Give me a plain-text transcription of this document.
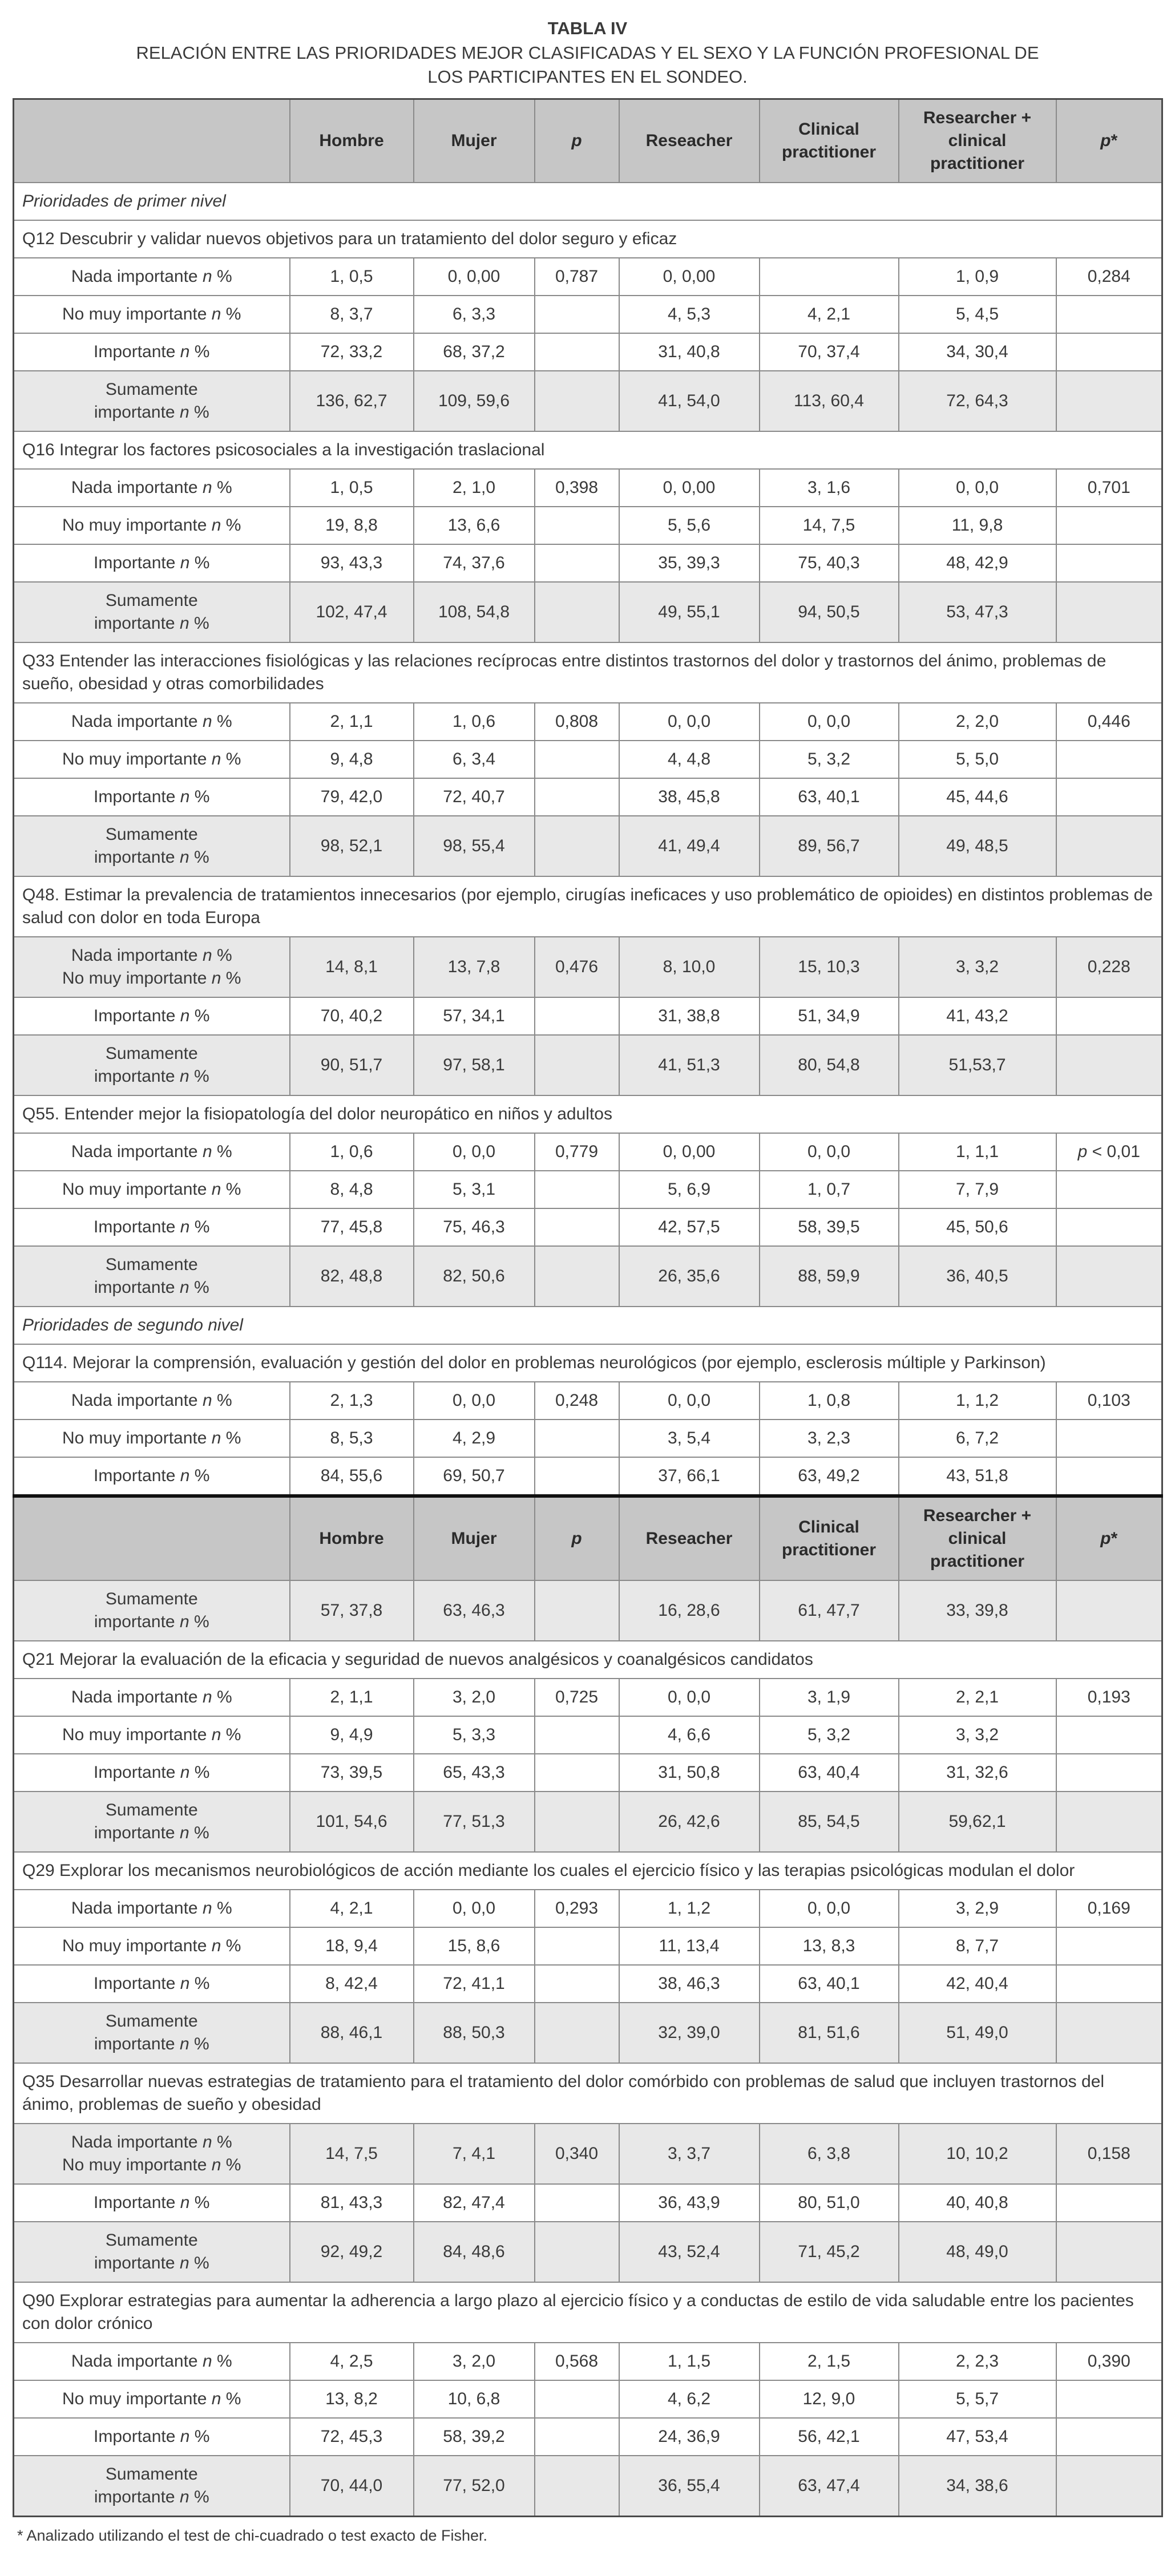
TABLA IV
RELACIÓN ENTRE LAS PRIORIDADES MEJOR CLASIFICADAS Y EL SEXO Y LA FUNCIÓN PROFESIONAL DE LOS PARTICIPANTES EN EL SONDEO.
	Hombre	Mujer	p	Reseacher	Clinical practitioner	Researcher + clinical practitioner	p*
Prioridades de primer nivel							
Q12 Descubrir y validar nuevos objetivos para un tratamiento del dolor seguro y eficaz							
Nada importante n %	1, 0,5	0, 0,00	0,787	0, 0,00		1, 0,9	0,284
No muy importante n %	8, 3,7	6, 3,3		4, 5,3	4, 2,1	5, 4,5	
Importante n %	72, 33,2	68, 37,2		31, 40,8	70, 37,4	34, 30,4	
Sumamente
importante n %	136, 62,7	109, 59,6		41, 54,0	113, 60,4	72, 64,3	
Q16 Integrar los factores psicosociales a la investigación traslacional							
Nada importante n %	1, 0,5	2, 1,0	0,398	0, 0,00	3, 1,6	0, 0,0	0,701
No muy importante n %	19, 8,8	13, 6,6		5, 5,6	14, 7,5	11, 9,8	
Importante n %	93, 43,3	74, 37,6		35, 39,3	75, 40,3	48, 42,9	
Sumamente
importante n %	102, 47,4	108, 54,8		49, 55,1	94, 50,5	53, 47,3	
Q33 Entender las interacciones fisiológicas y las relaciones recíprocas entre distintos trastornos del dolor y trastornos del ánimo, problemas de sueño, obesidad y otras comorbilidades							
Nada importante n %	2, 1,1	1, 0,6	0,808	0, 0,0	0, 0,0	2, 2,0	0,446
No muy importante n %	9, 4,8	6, 3,4		4, 4,8	5, 3,2	5, 5,0	
Importante n %	79, 42,0	72, 40,7		38, 45,8	63, 40,1	45, 44,6	
Sumamente
importante n %	98, 52,1	98, 55,4		41, 49,4	89, 56,7	49, 48,5	
Q48. Estimar la prevalencia de tratamientos innecesarios (por ejemplo, cirugías ineficaces y uso problemático de opioides) en distintos problemas de salud con dolor en toda Europa							
Nada importante n %
No muy importante n %	14, 8,1	13, 7,8	0,476	8, 10,0	15, 10,3	3, 3,2	0,228
Importante n %	70, 40,2	57, 34,1		31, 38,8	51, 34,9	41, 43,2	
Sumamente
importante n %	90, 51,7	97, 58,1		41, 51,3	80, 54,8	51,53,7	
Q55. Entender mejor la fisiopatología del dolor neuropático en niños y adultos							
Nada importante n %	1, 0,6	0, 0,0	0,779	0, 0,00	0, 0,0	1, 1,1	p < 0,01
No muy importante n %	8, 4,8	5, 3,1		5, 6,9	1, 0,7	7, 7,9	
Importante n %	77, 45,8	75, 46,3		42, 57,5	58, 39,5	45, 50,6	
Sumamente
importante n %	82, 48,8	82, 50,6		26, 35,6	88, 59,9	36, 40,5	
Prioridades de segundo nivel							
Q114. Mejorar la comprensión, evaluación y gestión del dolor en problemas neurológicos (por ejemplo, esclerosis múltiple y Parkinson)							
Nada importante n %	2, 1,3	0, 0,0	0,248	0, 0,0	1, 0,8	1, 1,2	0,103
No muy importante n %	8, 5,3	4, 2,9		3, 5,4	3, 2,3	6, 7,2	
Importante n %	84, 55,6	69, 50,7		37, 66,1	63, 49,2	43, 51,8	
	Hombre	Mujer	p	Reseacher	Clinical practitioner	Researcher + clinical practitioner	p*
Sumamente
importante n %	57, 37,8	63, 46,3		16, 28,6	61, 47,7	33, 39,8	
Q21 Mejorar la evaluación de la eficacia y seguridad de nuevos analgésicos y coanalgésicos candidatos							
Nada importante n %	2, 1,1	3, 2,0	0,725	0, 0,0	3, 1,9	2, 2,1	0,193
No muy importante n %	9, 4,9	5, 3,3		4, 6,6	5, 3,2	3, 3,2	
Importante n %	73, 39,5	65, 43,3		31, 50,8	63, 40,4	31, 32,6	
Sumamente
importante n %	101, 54,6	77, 51,3		26, 42,6	85, 54,5	59,62,1	
Q29 Explorar los mecanismos neurobiológicos de acción mediante los cuales el ejercicio físico y las terapias psicológicas modulan el dolor							
Nada importante n %	4, 2,1	0, 0,0	0,293	1, 1,2	0, 0,0	3, 2,9	0,169
No muy importante n %	18, 9,4	15, 8,6		11, 13,4	13, 8,3	8, 7,7	
Importante n %	8, 42,4	72, 41,1		38, 46,3	63, 40,1	42, 40,4	
Sumamente
importante n %	88, 46,1	88, 50,3		32, 39,0	81, 51,6	51, 49,0	
Q35 Desarrollar nuevas estrategias de tratamiento para el tratamiento del dolor comórbido con problemas de salud que incluyen trastornos del ánimo, problemas de sueño y obesidad							
Nada importante n %
No muy importante n %	14, 7,5	7, 4,1	0,340	3, 3,7	6, 3,8	10, 10,2	0,158
Importante n %	81, 43,3	82, 47,4		36, 43,9	80, 51,0	40, 40,8	
Sumamente
importante n %	92, 49,2	84, 48,6		43, 52,4	71, 45,2	48, 49,0	
Q90 Explorar estrategias para aumentar la adherencia a largo plazo al ejercicio físico y a conductas de estilo de vida saludable entre los pacientes con dolor crónico							
Nada importante n %	4, 2,5	3, 2,0	0,568	1, 1,5	2, 1,5	2, 2,3	0,390
No muy importante n %	13, 8,2	10, 6,8		4, 6,2	12, 9,0	5, 5,7	
Importante n %	72, 45,3	58, 39,2		24, 36,9	56, 42,1	47, 53,4	
Sumamente
importante n %	70, 44,0	77, 52,0		36, 55,4	63, 47,4	34, 38,6	
* Analizado utilizando el test de chi-cuadrado o test exacto de Fisher.
